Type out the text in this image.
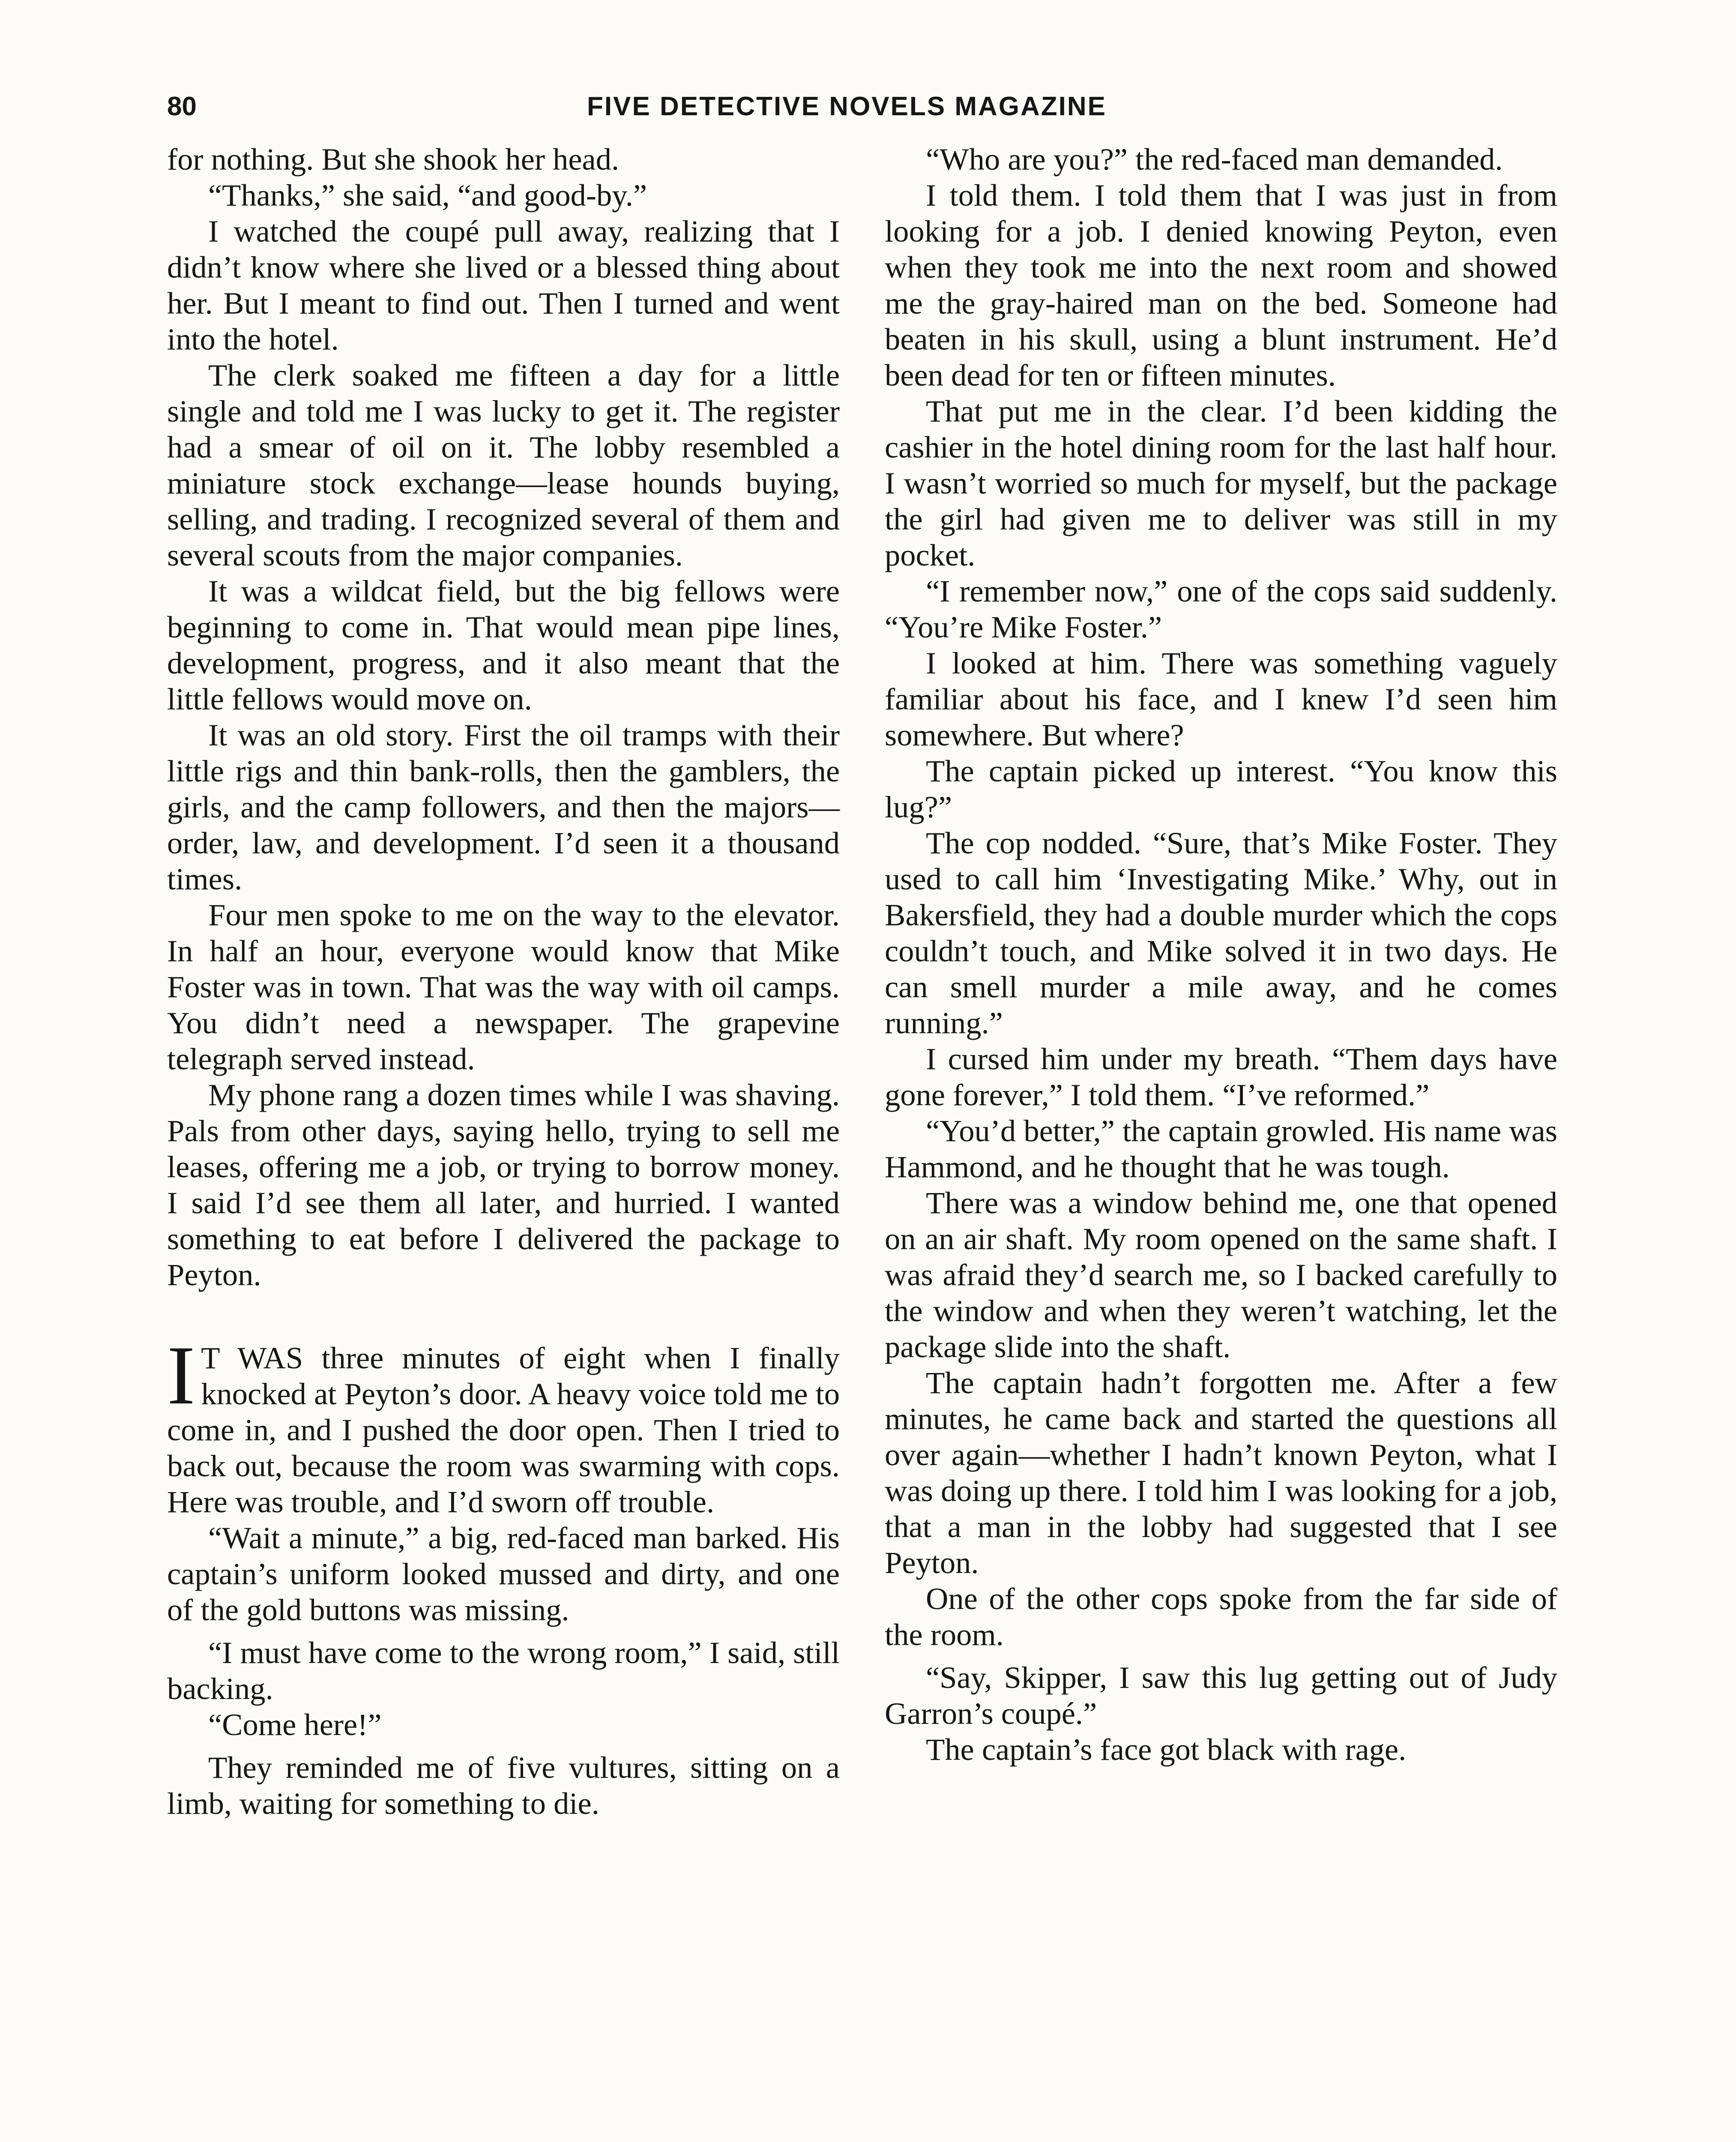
80	FIVE DETECTIVE NOVELS MAGAZINE

for nothing. But she shook her head.

“Thanks,” she said, “and good-by.”

I watched the coupé pull away, realizing that I didn’t know where she lived or a blessed thing about her. But I meant to find out. Then I turned and went into the hotel.

The clerk soaked me fifteen a day for a little single and told me I was lucky to get it. The register had a smear of oil on it. The lobby resembled a miniature stock exchange—lease hounds buying, selling, and trading. I recognized several of them and several scouts from the major companies.

It was a wildcat field, but the big fellows were beginning to come in. That would mean pipe lines, development, progress, and it also meant that the little fellows would move on.

It was an old story. First the oil tramps with their little rigs and thin bank-rolls, then the gamblers, the girls, and the camp followers, and then the majors—order, law, and development. I’d seen it a thousand times.

Four men spoke to me on the way to the elevator. In half an hour, everyone would know that Mike Foster was in town. That was the way with oil camps. You didn’t need a newspaper. The grapevine telegraph served instead.

My phone rang a dozen times while I was shaving. Pals from other days, saying hello, trying to sell me leases, offering me a job, or trying to borrow money. I said I’d see them all later, and hurried. I wanted something to eat before I delivered the package to Peyton.

I T WAS three minutes of eight when I finally knocked at Peyton’s door. A heavy voice told me to come in, and I pushed the door open. Then I tried to back out, because the room was swarming with cops. Here was trouble, and I’d sworn off trouble.

“Wait a minute,” a big, red-faced man barked. His captain’s uniform looked mussed and dirty, and one of the gold buttons was missing.

“I must have come to the wrong room,” I said, still backing.

“Come here!”

They reminded me of five vultures, sitting on a limb, waiting for something to die.

“Who are you?” the red-faced man demanded.

I told them. I told them that I was just in from looking for a job. I denied knowing Peyton, even when they took me into the next room and showed me the gray-haired man on the bed. Someone had beaten in his skull, using a blunt instrument. He’d been dead for ten or fifteen minutes.

That put me in the clear. I’d been kidding the cashier in the hotel dining room for the last half hour. I wasn’t worried so much for myself, but the package the girl had given me to deliver was still in my pocket.

“I remember now,” one of the cops said suddenly. “You’re Mike Foster.”

I looked at him. There was something vaguely familiar about his face, and I knew I’d seen him somewhere. But where?

The captain picked up interest. “You know this lug?”

The cop nodded. “Sure, that’s Mike Foster. They used to call him ‘Investigating Mike.’ Why, out in Bakersfield, they had a double murder which the cops couldn’t touch, and Mike solved it in two days. He can smell murder a mile away, and he comes running.”

I cursed him under my breath. “Them days have gone forever,” I told them. “I’ve reformed.”

“You’d better,” the captain growled. His name was Hammond, and he thought that he was tough.

There was a window behind me, one that opened on an air shaft. My room opened on the same shaft. I was afraid they’d search me, so I backed carefully to the window and when they weren’t watching, let the package slide into the shaft.

The captain hadn’t forgotten me. After a few minutes, he came back and started the questions all over again—whether I hadn’t known Peyton, what I was doing up there. I told him I was looking for a job, that a man in the lobby had suggested that I see Peyton.

One of the other cops spoke from the far side of the room.

“Say, Skipper, I saw this lug getting out of Judy Garron’s coupé.”

The captain’s face got black with rage.
